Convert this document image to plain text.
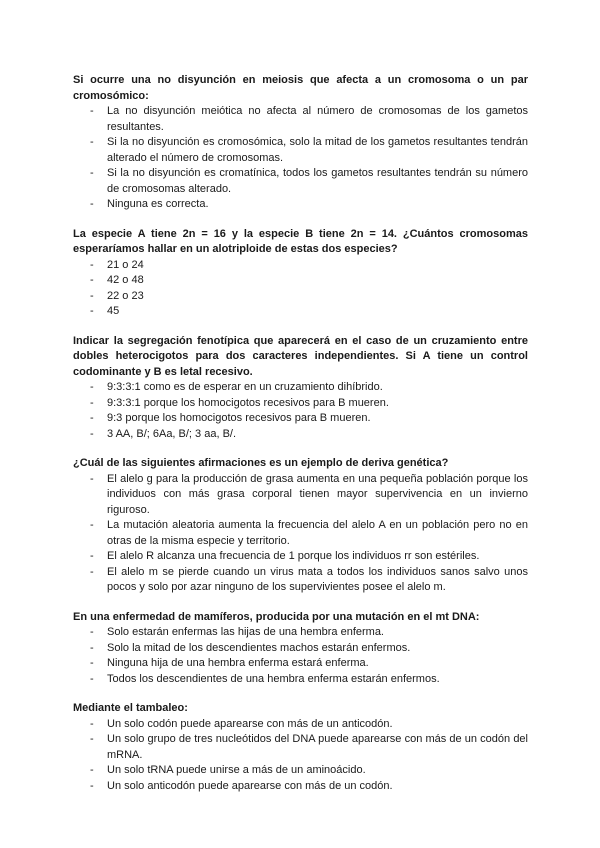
Si ocurre una no disyunción en meiosis que afecta a un cromosoma o un par cromosómico:

- La no disyunción meiótica no afecta al número de cromosomas de los gametos resultantes.
- Si la no disyunción es cromosómica, solo la mitad de los gametos resultantes tendrán alterado el número de cromosomas.
- Si la no disyunción es cromatínica, todos los gametos resultantes tendrán su número de cromosomas alterado.
- Ninguna es correcta.

La especie A tiene 2n = 16 y la especie B tiene 2n = 14. ¿Cuántos cromosomas esperaríamos hallar en un alotriploide de estas dos especies?

- 21 o 24
- 42 o 48
- 22 o 23
- 45

Indicar la segregación fenotípica que aparecerá en el caso de un cruzamiento entre dobles heterocigotos para dos caracteres independientes. Si A tiene un control codominante y B es letal recesivo.

- 9:3:3:1 como es de esperar en un cruzamiento dihíbrido.
- 9:3:3:1 porque los homocigotos recesivos para B mueren.
- 9:3 porque los homocigotos recesivos para B mueren.
- 3 AA, B/; 6Aa, B/; 3 aa, B/.

¿Cuál de las siguientes afirmaciones es un ejemplo de deriva genética?

- El alelo g para la producción de grasa aumenta en una pequeña población porque los individuos con más grasa corporal tienen mayor supervivencia en un invierno riguroso.
- La mutación aleatoria aumenta la frecuencia del alelo A en un población pero no en otras de la misma especie y territorio.
- El alelo R alcanza una frecuencia de 1 porque los individuos rr son estériles.
- El alelo m se pierde cuando un virus mata a todos los individuos sanos salvo unos pocos y solo por azar ninguno de los supervivientes posee el alelo m.

En una enfermedad de mamíferos, producida por una mutación en el mt DNA:

- Solo estarán enfermas las hijas de una hembra enferma.
- Solo la mitad de los descendientes machos estarán enfermos.
- Ninguna hija de una hembra enferma estará enferma.
- Todos los descendientes de una hembra enferma estarán enfermos.

Mediante el tambaleo:

- Un solo codón puede aparearse con más de un anticodón.
- Un solo grupo de tres nucleótidos del DNA puede aparearse con más de un codón del mRNA.
- Un solo tRNA puede unirse a más de un aminoácido.
- Un solo anticodón puede aparearse con más de un codón.
